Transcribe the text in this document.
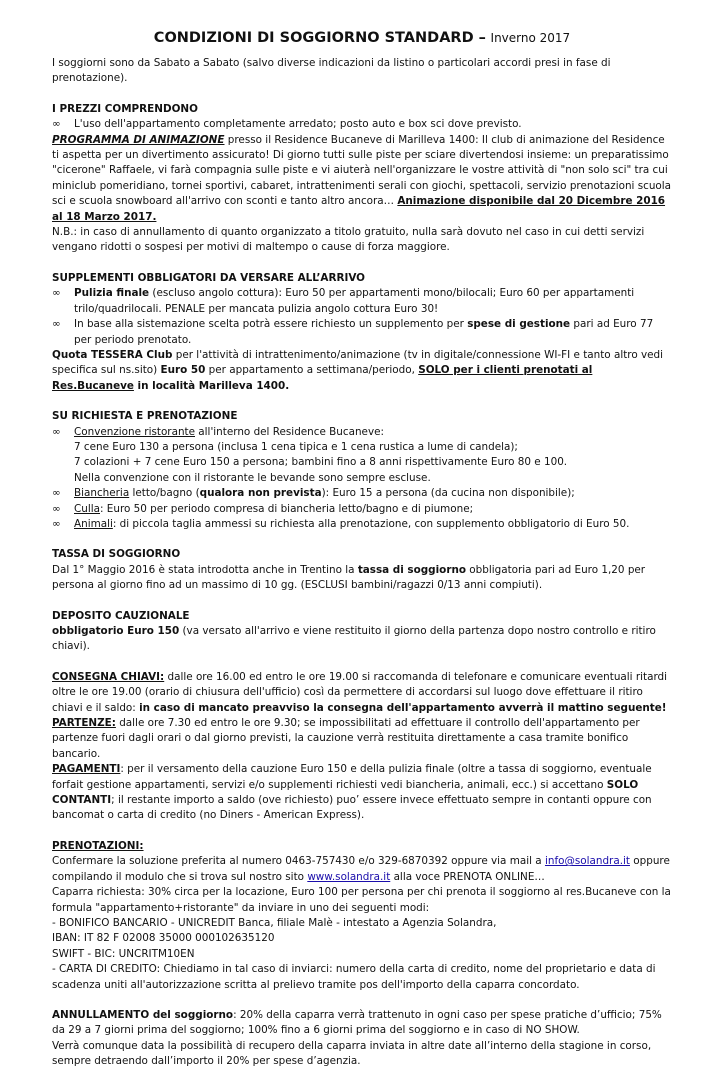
CONDIZIONI DI SOGGIORNO STANDARD – Inverno 2017

I soggiorni sono da Sabato a Sabato (salvo diverse indicazioni da listino o particolari accordi presi in fase di prenotazione).

I PREZZI COMPRENDONO

∞ L'uso dell'appartamento completamente arredato; posto auto e box sci dove previsto.

PROGRAMMA DI ANIMAZIONE presso il Residence Bucaneve di Marilleva 1400: Il club di animazione del Residence ti aspetta per un divertimento assicurato! Di giorno tutti sulle piste per sciare divertendosi insieme: un preparatissimo "cicerone" Raffaele, vi farà compagnia sulle piste e vi aiuterà nell'organizzare le vostre attività di "non solo sci" tra cui miniclub pomeridiano, tornei sportivi, cabaret, intrattenimenti serali con giochi, spettacoli, servizio prenotazioni scuola sci e scuola snowboard all'arrivo con sconti e tanto altro ancora… Animazione disponibile dal 20 Dicembre 2016 al 18 Marzo 2017.

N.B.: in caso di annullamento di quanto organizzato a titolo gratuito, nulla sarà dovuto nel caso in cui detti servizi vengano ridotti o sospesi per motivi di maltempo o cause di forza maggiore.

SUPPLEMENTI OBBLIGATORI DA VERSARE ALL’ARRIVO

∞ Pulizia finale (escluso angolo cottura): Euro 50 per appartamenti mono/bilocali; Euro 60 per appartamenti trilo/quadrilocali. PENALE per mancata pulizia angolo cottura Euro 30!

∞ In base alla sistemazione scelta potrà essere richiesto un supplemento per spese di gestione pari ad Euro 77 per periodo prenotato.

Quota TESSERA Club per l'attività di intrattenimento/animazione (tv in digitale/connessione WI-FI e tanto altro vedi specifica sul ns.sito) Euro 50 per appartamento a settimana/periodo, SOLO per i clienti prenotati al Res.Bucaneve in località Marilleva 1400.

SU RICHIESTA E PRENOTAZIONE

∞ Convenzione ristorante all'interno del Residence Bucaneve:

7 cene Euro 130 a persona (inclusa 1 cena tipica e 1 cena rustica a lume di candela);

7 colazioni + 7 cene Euro 150 a persona; bambini fino a 8 anni rispettivamente Euro 80 e 100.

Nella convenzione con il ristorante le bevande sono sempre escluse.

∞ Biancheria letto/bagno (qualora non prevista): Euro 15 a persona (da cucina non disponibile);

∞ Culla: Euro 50 per periodo compresa di biancheria letto/bagno e di piumone;

∞ Animali: di piccola taglia ammessi su richiesta alla prenotazione, con supplemento obbligatorio di Euro 50.

TASSA DI SOGGIORNO

Dal 1° Maggio 2016 è stata introdotta anche in Trentino la tassa di soggiorno obbligatoria pari ad Euro 1,20 per persona al giorno fino ad un massimo di 10 gg. (ESCLUSI bambini/ragazzi 0/13 anni compiuti).

DEPOSITO CAUZIONALE

obbligatorio Euro 150 (va versato all'arrivo e viene restituito il giorno della partenza dopo nostro controllo e ritiro chiavi).

CONSEGNA CHIAVI: dalle ore 16.00 ed entro le ore 19.00 si raccomanda di telefonare e comunicare eventuali ritardi oltre le ore 19.00 (orario di chiusura dell'ufficio) così da permettere di accordarsi sul luogo dove effettuare il ritiro chiavi e il saldo: in caso di mancato preavviso la consegna dell'appartamento avverrà il mattino seguente!

PARTENZE: dalle ore 7.30 ed entro le ore 9.30; se impossibilitati ad effettuare il controllo dell'appartamento per partenze fuori dagli orari o dal giorno previsti, la cauzione verrà restituita direttamente a casa tramite bonifico bancario.

PAGAMENTI: per il versamento della cauzione Euro 150 e della pulizia finale (oltre a tassa di soggiorno, eventuale forfait gestione appartamenti, servizi e/o supplementi richiesti vedi biancheria, animali, ecc.) si accettano SOLO CONTANTI; il restante importo a saldo (ove richiesto) puo’ essere invece effettuato sempre in contanti oppure con bancomat o carta di credito (no Diners - American Express).

PRENOTAZIONI:

Confermare la soluzione preferita al numero 0463-757430 e/o 329-6870392 oppure via mail a info@solandra.it oppure compilando il modulo che si trova sul nostro sito www.solandra.it alla voce PRENOTA ONLINE…

Caparra richiesta: 30% circa per la locazione, Euro 100 per persona per chi prenota il soggiorno al res.Bucaneve con la formula "appartamento+ristorante" da inviare in uno dei seguenti modi:

- BONIFICO BANCARIO - UNICREDIT Banca, filiale Malè - intestato a Agenzia Solandra,

IBAN: IT 82 F 02008 35000 000102635120

SWIFT - BIC: UNCRITM10EN

- CARTA DI CREDITO: Chiediamo in tal caso di inviarci: numero della carta di credito, nome del proprietario e data di scadenza uniti all'autorizzazione scritta al prelievo tramite pos dell'importo della caparra concordato.

ANNULLAMENTO del soggiorno: 20% della caparra verrà trattenuto in ogni caso per spese pratiche d’ufficio; 75% da 29 a 7 giorni prima del soggiorno; 100% fino a 6 giorni prima del soggiorno e in caso di NO SHOW.

Verrà comunque data la possibilità di recupero della caparra inviata in altre date all’interno della stagione in corso, sempre detraendo dall’importo il 20% per spese d’agenzia.
